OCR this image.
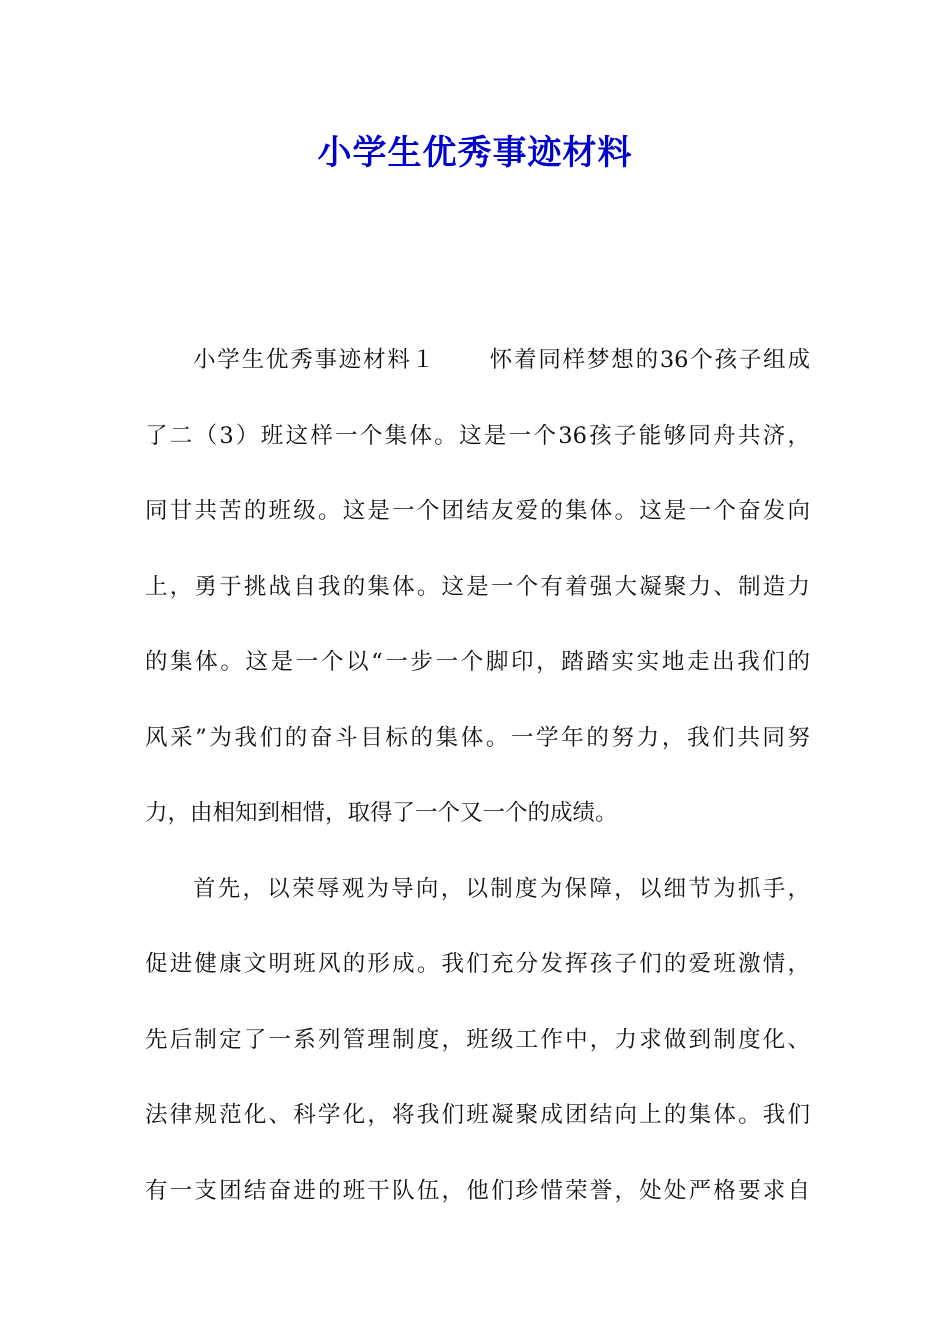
小学生优秀事迹材料
小学生优秀事迹材料１ 怀着同样梦想的36个孩子组成
了二（3）班这样一个集体。这是一个36孩子能够同舟共济，
同甘共苦的班级。这是一个团结友爱的集体。这是一个奋发向
上，勇于挑战自我的集体。这是一个有着强大凝聚力、制造力
的集体。这是一个以“一步一个脚印，踏踏实实地走出我们的
风采”为我们的奋斗目标的集体。一学年的努力，我们共同努
力，由相知到相惜，取得了一个又一个的成绩。
首先，以荣辱观为导向，以制度为保障，以细节为抓手，
促进健康文明班风的形成。我们充分发挥孩子们的爱班激情，
先后制定了一系列管理制度，班级工作中，力求做到制度化、
法律规范化、科学化，将我们班凝聚成团结向上的集体。我们
有一支团结奋进的班干队伍，他们珍惜荣誉，处处严格要求自
